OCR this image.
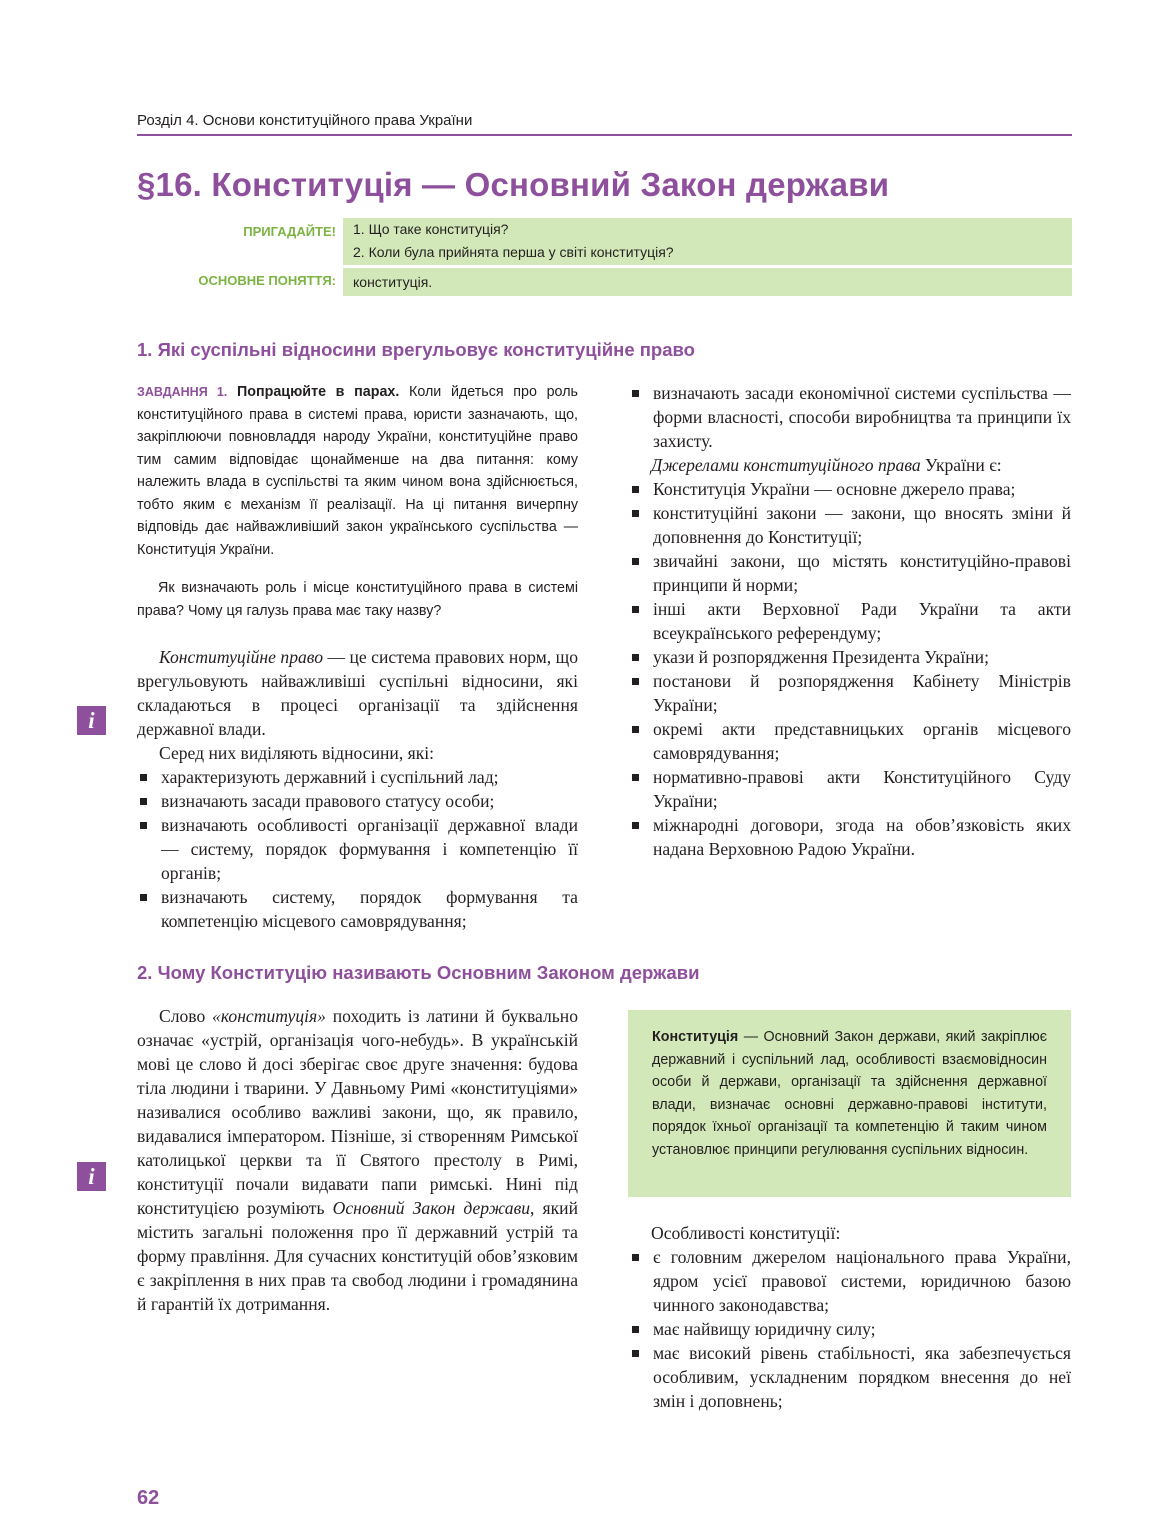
Розділ 4. Основи конституційного права України
§16. Конституція — Основний Закон держави
ПРИГАДАЙТЕ!	1. Що таке конституція?
2. Коли була прийнята перша у світі конституція?
ОСНОВНЕ ПОНЯТТЯ:	конституція.
1. Які суспільні відносини врегульовує конституційне право
ЗАВДАННЯ 1. Попрацюйте в парах. Коли йдеться про роль конституційного права в системі права, юристи зазначають, що, закріплюючи повновладдя народу України, конституційне право тим самим відповідає щонайменше на два питання: кому належить влада в суспільстві та яким чином вона здійснюється, тобто яким є механізм її реалізації. На ці питання вичерпну відповідь дає найважливіший закон українського суспільства — Конституція України.
Як визначають роль і місце конституційного права в системі права? Чому ця галузь права має таку назву?

Конституційне право — це система правових норм, що врегульовують найважливіші суспільні відносини, які складаються в процесі організації та здійснення державної влади.

Серед них виділяють відносини, які:

характеризують державний і суспільний лад;
визначають засади правового статусу особи;
визначають особливості організації державної влади — систему, порядок формування і компетенцію її органів;
визначають систему, порядок формування та компетенцію місцевого самоврядування;
визначають засади економічної системи суспільства — форми власності, способи виробництва та принципи їх захисту.

Джерелами конституційного права України є:

Конституція України — основне джерело права;
конституційні закони — закони, що вносять зміни й доповнення до Конституції;
звичайні закони, що містять конституційно-правові принципи й норми;
інші акти Верховної Ради України та акти всеукраїнського референдуму;
укази й розпорядження Президента України;
постанови й розпорядження Кабінету Міністрів України;
окремі акти представницьких органів місцевого самоврядування;
нормативно-правові акти Конституційного Суду України;
міжнародні договори, згода на обов’язковість яких надана Верховною Радою України.
i
i
2. Чому Конституцію називають Основним Законом держави

Слово «конституція» походить із латини й буквально означає «устрій, організація чого-небудь». В українській мові це слово й досі зберігає своє друге значення: будова тіла людини і тварини. У Давньому Римі «конституціями» називалися особливо важливі закони, що, як правило, видавалися імператором. Пізніше, зі створенням Римської католицької церкви та її Святого престолу в Римі, конституції почали видавати папи римські. Нині під конституцією розуміють Основний Закон держави, який містить загальні положення про її державний устрій та форму правління. Для сучасних конституцій обов’язковим є закріплення в них прав та свобод людини і громадянина й гарантій їх дотримання.

Конституція — Основний Закон держави, який закріплює державний і суспільний лад, особливості взаємовідносин особи й держави, організації та здійснення державної влади, визначає основні державно-правові інститути, порядок їхньої організації та компетенцію й таким чином установлює принципи регулювання суспільних відносин.

Особливості конституції:

є головним джерелом національного права України, ядром усієї правової системи, юридичною базою чинного законодавства;
має найвищу юридичну силу;
має високий рівень стабільності, яка забезпечується особливим, ускладненим порядком внесення до неї змін і доповнень;
62
